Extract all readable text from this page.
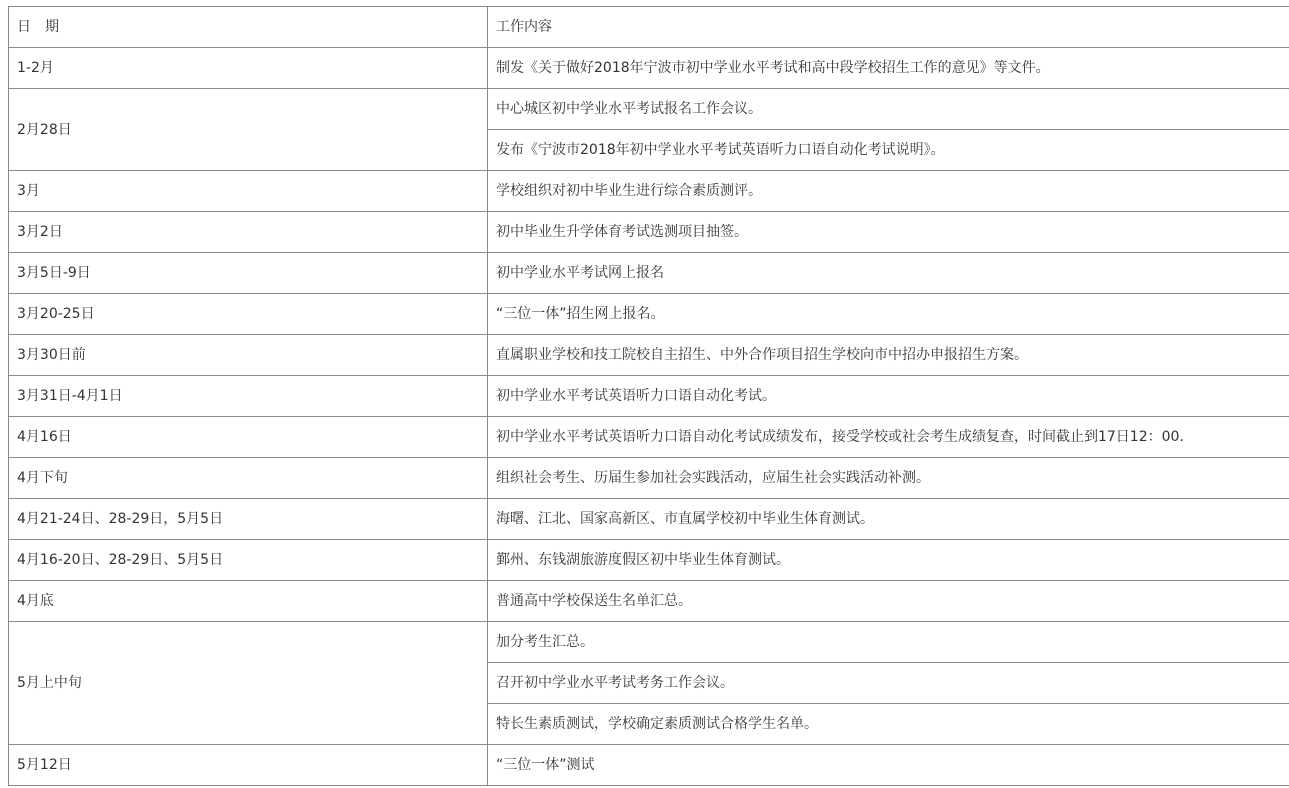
日　期	工作内容
1-2月	制发《关于做好2018年宁波市初中学业水平考试和高中段学校招生工作的意见》等文件。
2月28日	中心城区初中学业水平考试报名工作会议。
	发布《宁波市2018年初中学业水平考试英语听力口语自动化考试说明》。
3月	学校组织对初中毕业生进行综合素质测评。
3月2日	初中毕业生升学体育考试选测项目抽签。
3月5日-9日	初中学业水平考试网上报名
3月20-25日	“三位一体”招生网上报名。
3月30日前	直属职业学校和技工院校自主招生、中外合作项目招生学校向市中招办申报招生方案。
3月31日-4月1日	初中学业水平考试英语听力口语自动化考试。
4月16日	初中学业水平考试英语听力口语自动化考试成绩发布，接受学校或社会考生成绩复查，时间截止到17日12：00.
4月下旬	组织社会考生、历届生参加社会实践活动，应届生社会实践活动补测。
4月21-24日、28-29日，5月5日	海曙、江北、国家高新区、市直属学校初中毕业生体育测试。
4月16-20日、28-29日、5月5日	鄞州、东钱湖旅游度假区初中毕业生体育测试。
4月底	普通高中学校保送生名单汇总。
5月上中旬	加分考生汇总。
	召开初中学业水平考试考务工作会议。
	特长生素质测试，学校确定素质测试合格学生名单。
5月12日	“三位一体”测试
